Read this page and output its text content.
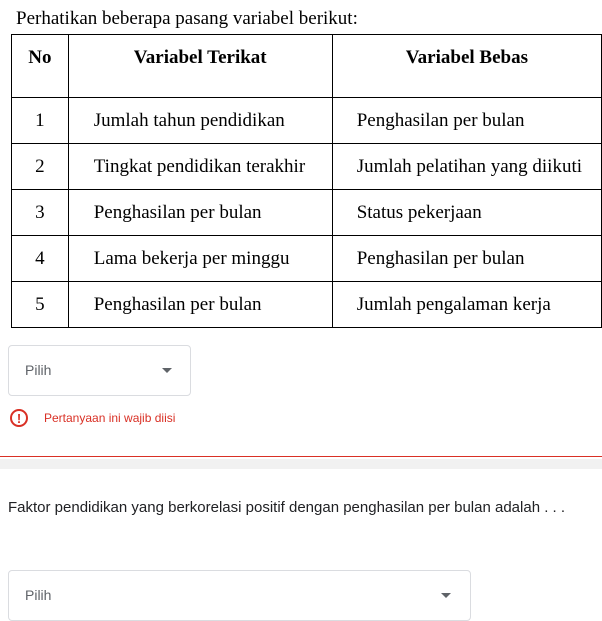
Perhatikan beberapa pasang variabel berikut:
No	Variabel Terikat	Variabel Bebas
1	Jumlah tahun pendidikan	Penghasilan per bulan
2	Tingkat pendidikan terakhir	Jumlah pelatihan yang diikuti
3	Penghasilan per bulan	Status pekerjaan
4	Lama bekerja per minggu	Penghasilan per bulan
5	Penghasilan per bulan	Jumlah pengalaman kerja
Pilih
!	Pertanyaan ini wajib diisi
Faktor pendidikan yang berkorelasi positif dengan penghasilan per bulan adalah . . .
Pilih
